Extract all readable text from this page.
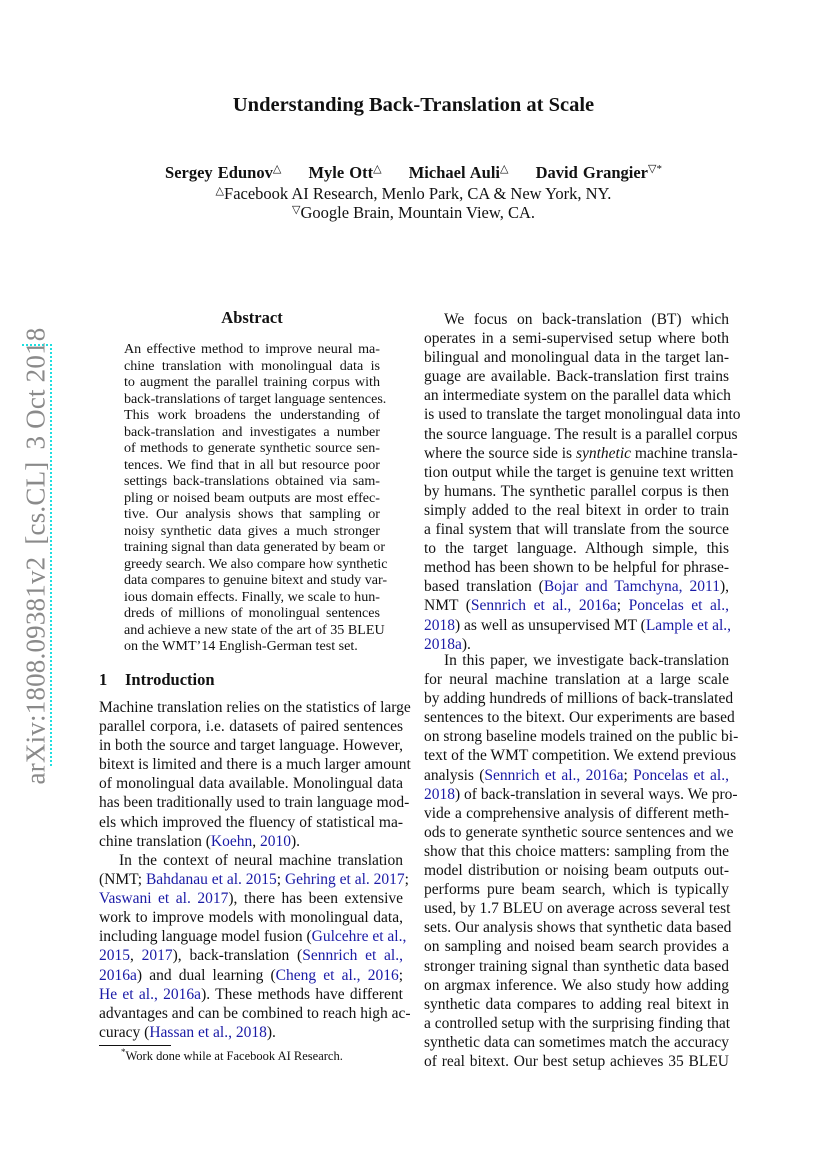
arXiv:1808.09381v2[cs.CL]3 Oct 2018
Understanding Back-Translation at Scale
Sergey Edunov△ Myle Ott△ Michael Auli△ David Grangier▽*
△Facebook AI Research, Menlo Park, CA & New York, NY.
▽Google Brain, Mountain View, CA.
Abstract
An effective method to improve neural ma-
chine translation with monolingual data is
to augment the parallel training corpus with
back-translations of target language sentences.
This work broadens the understanding of
back-translation and investigates a number
of methods to generate synthetic source sen-
tences. We find that in all but resource poor
settings back-translations obtained via sam-
pling or noised beam outputs are most effec-
tive. Our analysis shows that sampling or
noisy synthetic data gives a much stronger
training signal than data generated by beam or
greedy search. We also compare how synthetic
data compares to genuine bitext and study var-
ious domain effects. Finally, we scale to hun-
dreds of millions of monolingual sentences
and achieve a new state of the art of 35 BLEU
on the WMT’14 English-German test set.
1 Introduction
Machine translation relies on the statistics of large
parallel corpora, i.e. datasets of paired sentences
in both the source and target language. However,
bitext is limited and there is a much larger amount
of monolingual data available. Monolingual data
has been traditionally used to train language mod-
els which improved the fluency of statistical ma-
chine translation (Koehn, 2010).
In the context of neural machine translation
(NMT; Bahdanau et al. 2015; Gehring et al. 2017;
Vaswani et al. 2017), there has been extensive
work to improve models with monolingual data,
including language model fusion (Gulcehre et al.,
2015, 2017), back-translation (Sennrich et al.,
2016a) and dual learning (Cheng et al., 2016;
He et al., 2016a). These methods have different
advantages and can be combined to reach high ac-
curacy (Hassan et al., 2018).
We focus on back-translation (BT) which
operates in a semi-supervised setup where both
bilingual and monolingual data in the target lan-
guage are available. Back-translation first trains
an intermediate system on the parallel data which
is used to translate the target monolingual data into
the source language. The result is a parallel corpus
where the source side is synthetic machine transla-
tion output while the target is genuine text written
by humans. The synthetic parallel corpus is then
simply added to the real bitext in order to train
a final system that will translate from the source
to the target language. Although simple, this
method has been shown to be helpful for phrase-
based translation (Bojar and Tamchyna, 2011),
NMT (Sennrich et al., 2016a; Poncelas et al.,
2018) as well as unsupervised MT (Lample et al.,
2018a).
In this paper, we investigate back-translation
for neural machine translation at a large scale
by adding hundreds of millions of back-translated
sentences to the bitext. Our experiments are based
on strong baseline models trained on the public bi-
text of the WMT competition. We extend previous
analysis (Sennrich et al., 2016a; Poncelas et al.,
2018) of back-translation in several ways. We pro-
vide a comprehensive analysis of different meth-
ods to generate synthetic source sentences and we
show that this choice matters: sampling from the
model distribution or noising beam outputs out-
performs pure beam search, which is typically
used, by 1.7 BLEU on average across several test
sets. Our analysis shows that synthetic data based
on sampling and noised beam search provides a
stronger training signal than synthetic data based
on argmax inference. We also study how adding
synthetic data compares to adding real bitext in
a controlled setup with the surprising finding that
synthetic data can sometimes match the accuracy
of real bitext. Our best setup achieves 35 BLEU
*Work done while at Facebook AI Research.
